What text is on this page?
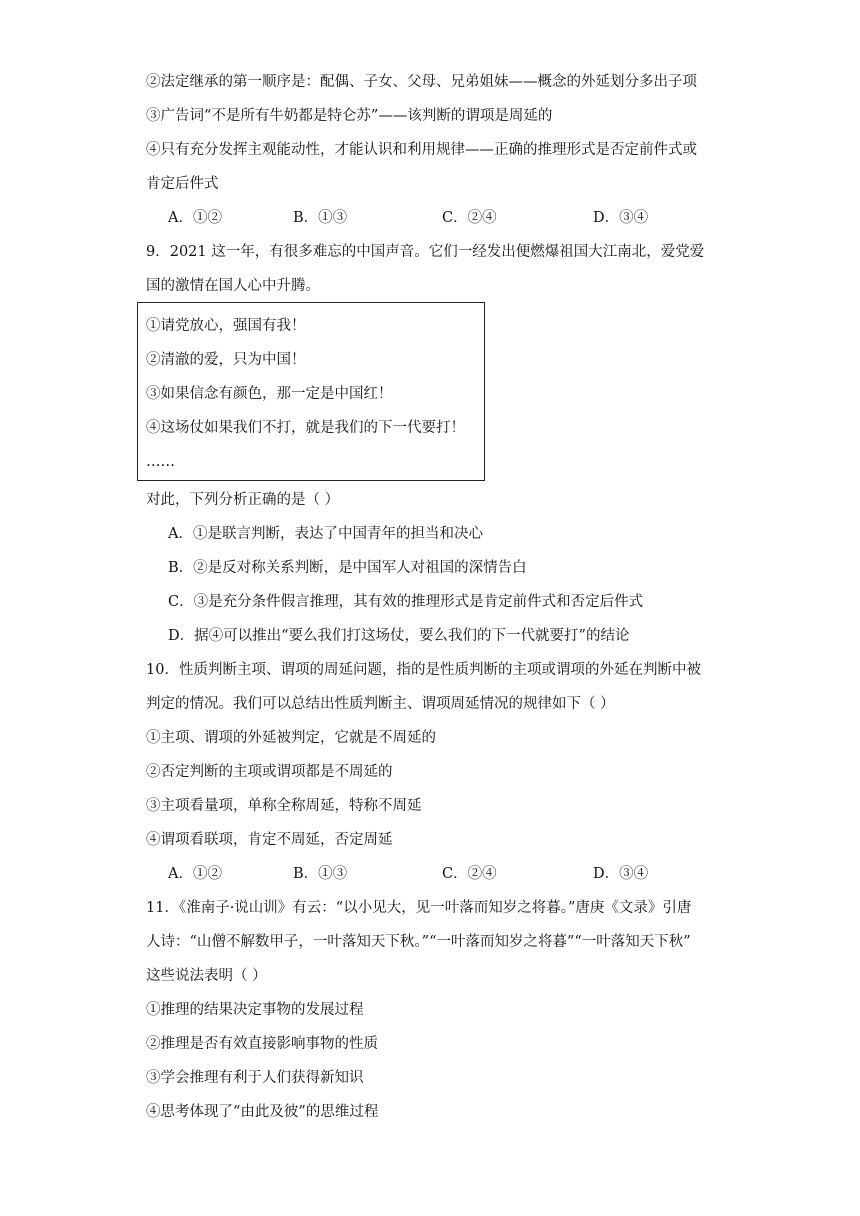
②法定继承的第一顺序是：配偶、子女、父母、兄弟姐妹——概念的外延划分多出子项
③广告词“不是所有牛奶都是特仑苏”——该判断的谓项是周延的
④只有充分发挥主观能动性，才能认识和利用规律——正确的推理形式是否定前件式或
肯定后件式
A．①②	B．①③	C．②④	D．③④
9．2021 这一年，有很多难忘的中国声音。它们一经发出便燃爆祖国大江南北，爱党爱
国的激情在国人心中升腾。
①请党放心，强国有我！
②清澈的爱，只为中国！
③如果信念有颜色，那一定是中国红！
④这场仗如果我们不打，就是我们的下一代要打！
……
对此，下列分析正确的是（ ）
A．①是联言判断，表达了中国青年的担当和决心
B．②是反对称关系判断，是中国军人对祖国的深情告白
C．③是充分条件假言推理，其有效的推理形式是肯定前件式和否定后件式
D．据④可以推出“要么我们打这场仗，要么我们的下一代就要打”的结论
10．性质判断主项、谓项的周延问题，指的是性质判断的主项或谓项的外延在判断中被
判定的情况。我们可以总结出性质判断主、谓项周延情况的规律如下（ ）
①主项、谓项的外延被判定，它就是不周延的
②否定判断的主项或谓项都是不周延的
③主项看量项，单称全称周延，特称不周延
④谓项看联项，肯定不周延，否定周延
A．①②	B．①③	C．②④	D．③④
11．《淮南子·说山训》有云：“以小见大，见一叶落而知岁之将暮。”唐庚《文录》引唐
人诗：“山僧不解数甲子，一叶落知天下秋。”“一叶落而知岁之将暮”“一叶落知天下秋”
这些说法表明（ ）
①推理的结果决定事物的发展过程
②推理是否有效直接影响事物的性质
③学会推理有利于人们获得新知识
④思考体现了“由此及彼”的思维过程
